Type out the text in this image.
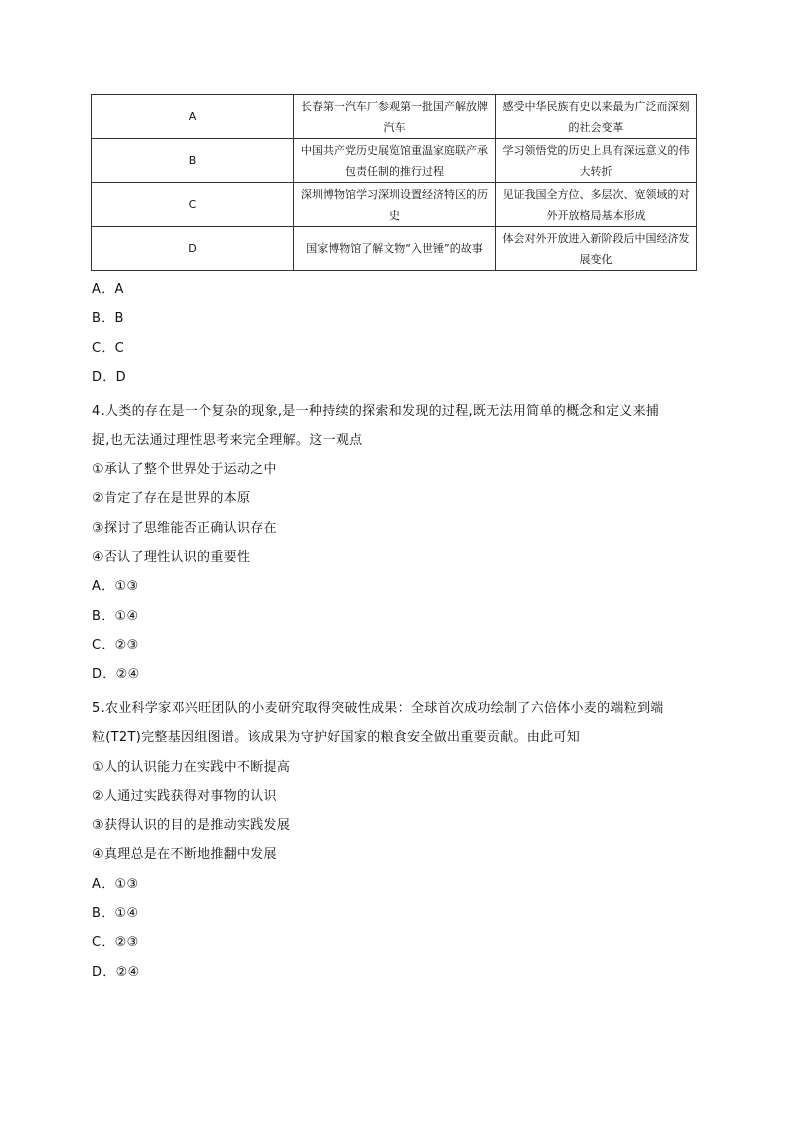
A	长春第一汽车厂参观第一批国产解放牌汽车	感受中华民族有史以来最为广泛而深刻的社会变革
B	中国共产党历史展览馆重温家庭联产承包责任制的推行过程	学习领悟党的历史上具有深远意义的伟大转折
C	深圳博物馆学习深圳设置经济特区的历史	见证我国全方位、多层次、宽领域的对外开放格局基本形成
D	国家博物馆了解文物“入世锤”的故事	体会对外开放进入新阶段后中国经济发展变化
A．A
B．B
C．C
D．D
4.人类的存在是一个复杂的现象,是一种持续的探索和发现的过程,既无法用简单的概念和定义来捕
捉,也无法通过理性思考来完全理解。这一观点
①承认了整个世界处于运动之中
②肯定了存在是世界的本原
③探讨了思维能否正确认识存在
④否认了理性认识的重要性
A．①③
B．①④
C．②③
D．②④
5.农业科学家邓兴旺团队的小麦研究取得突破性成果：全球首次成功绘制了六倍体小麦的端粒到端
粒(T2T)完整基因组图谱。该成果为守护好国家的粮食安全做出重要贡献。由此可知
①人的认识能力在实践中不断提高
②人通过实践获得对事物的认识
③获得认识的目的是推动实践发展
④真理总是在不断地推翻中发展
A．①③
B．①④
C．②③
D．②④
